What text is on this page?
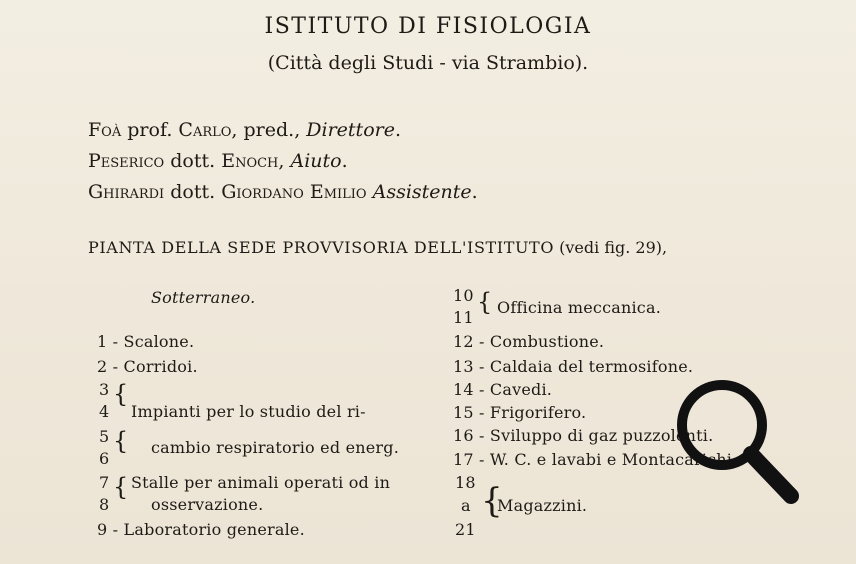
ISTITUTO DI FISIOLOGIA
(Città degli Studi - via Strambio).
Foà prof. Carlo, pred., Direttore.
Peserico dott. Enoch, Aiuto.
Ghirardi dott. Giordano Emilio Assistente.
PIANTA DELLA SEDE PROVVISORIA DELL'ISTITUTO (vedi fig. 29),
Sotterraneo.
1 - Scalone.
2 - Corridoi.
3
4
{
Impianti per lo studio del ri-
5
6
{ cambio respiratorio ed energ.
7
8
{ Stalle per animali operati od in
osservazione.
9 - Laboratorio generale.
10
11
{ Officina meccanica.
12 - Combustione.
13 - Caldaia del termosifone.
14 - Cavedi.
15 - Frigorifero.
16 - Sviluppo di gaz puzzolenti.
17 - W. C. e lavabi e Montacarichi.
18
a
21
{
Magazzini.
